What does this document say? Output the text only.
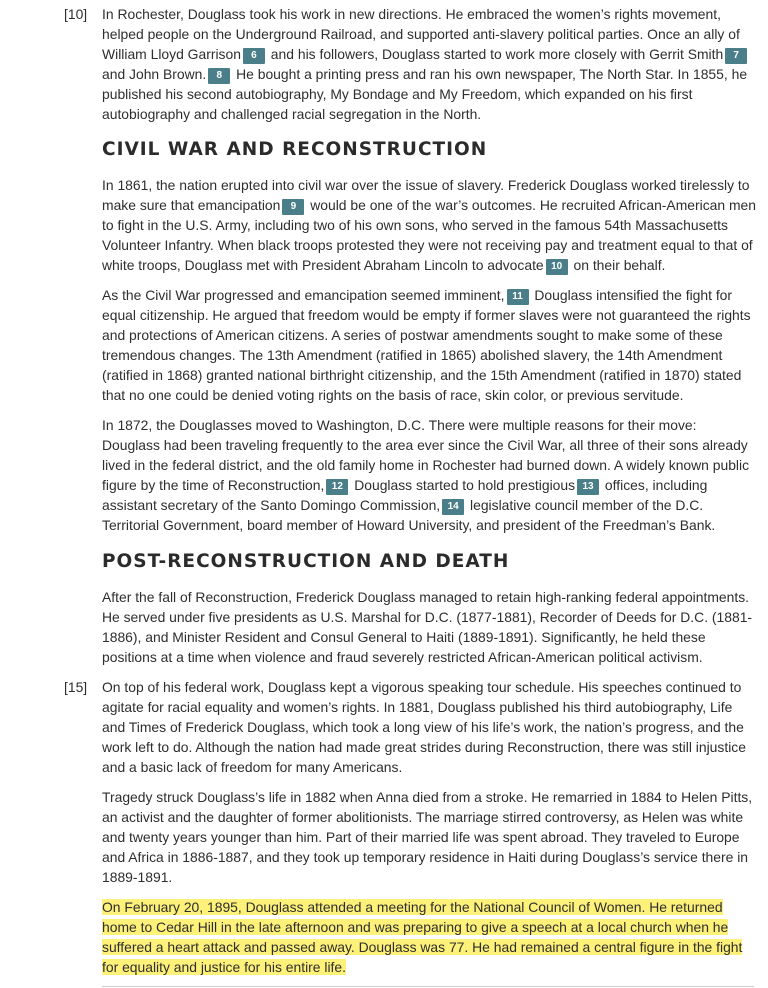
[10] In Rochester, Douglass took his work in new directions. He embraced the women’s rights movement, helped people on the Underground Railroad, and supported anti-slavery political parties. Once an ally of William Lloyd Garrison 6 and his followers, Douglass started to work more closely with Gerrit Smith 7 and John Brown. 8 He bought a printing press and ran his own newspaper, The North Star. In 1855, he published his second autobiography, My Bondage and My Freedom, which expanded on his first autobiography and challenged racial segregation in the North.

CIVIL WAR AND RECONSTRUCTION

In 1861, the nation erupted into civil war over the issue of slavery. Frederick Douglass worked tirelessly to make sure that emancipation 9 would be one of the war’s outcomes. He recruited African-American men to fight in the U.S. Army, including two of his own sons, who served in the famous 54th Massachusetts Volunteer Infantry. When black troops protested they were not receiving pay and treatment equal to that of white troops, Douglass met with President Abraham Lincoln to advocate 10 on their behalf.

As the Civil War progressed and emancipation seemed imminent, 11 Douglass intensified the fight for equal citizenship. He argued that freedom would be empty if former slaves were not guaranteed the rights and protections of American citizens. A series of postwar amendments sought to make some of these tremendous changes. The 13th Amendment (ratified in 1865) abolished slavery, the 14th Amendment (ratified in 1868) granted national birthright citizenship, and the 15th Amendment (ratified in 1870) stated that no one could be denied voting rights on the basis of race, skin color, or previous servitude.

In 1872, the Douglasses moved to Washington, D.C. There were multiple reasons for their move: Douglass had been traveling frequently to the area ever since the Civil War, all three of their sons already lived in the federal district, and the old family home in Rochester had burned down. A widely known public figure by the time of Reconstruction, 12 Douglass started to hold prestigious 13 offices, including assistant secretary of the Santo Domingo Commission, 14 legislative council member of the D.C. Territorial Government, board member of Howard University, and president of the Freedman’s Bank.

POST-RECONSTRUCTION AND DEATH

After the fall of Reconstruction, Frederick Douglass managed to retain high-ranking federal appointments. He served under five presidents as U.S. Marshal for D.C. (1877-1881), Recorder of Deeds for D.C. (1881-1886), and Minister Resident and Consul General to Haiti (1889-1891). Significantly, he held these positions at a time when violence and fraud severely restricted African-American political activism.

[15] On top of his federal work, Douglass kept a vigorous speaking tour schedule. His speeches continued to agitate for racial equality and women’s rights. In 1881, Douglass published his third autobiography, Life and Times of Frederick Douglass, which took a long view of his life’s work, the nation’s progress, and the work left to do. Although the nation had made great strides during Reconstruction, there was still injustice and a basic lack of freedom for many Americans.

Tragedy struck Douglass’s life in 1882 when Anna died from a stroke. He remarried in 1884 to Helen Pitts, an activist and the daughter of former abolitionists. The marriage stirred controversy, as Helen was white and twenty years younger than him. Part of their married life was spent abroad. They traveled to Europe and Africa in 1886-1887, and they took up temporary residence in Haiti during Douglass’s service there in 1889-1891.

On February 20, 1895, Douglass attended a meeting for the National Council of Women. He returned home to Cedar Hill in the late afternoon and was preparing to give a speech at a local church when he suffered a heart attack and passed away. Douglass was 77. He had remained a central figure in the fight for equality and justice for his entire life.
